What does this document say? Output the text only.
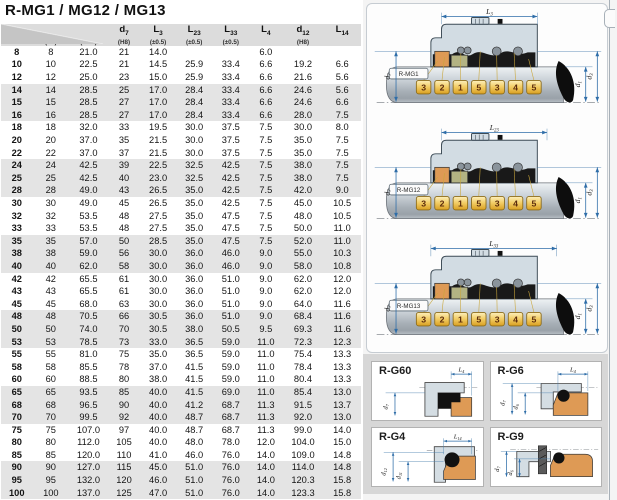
R-MG1 / MG12 / MG13

$d_7$
(H8)

$L_3$
(±0.5)

$L_{23}$
(±0.5)

$L_{33}$
(±0.5)

$L_4$	$d_{12}$
(H8)

$L_{14}$

8	8	21.0	21	14.0			6.0		
10	10	22.5	21	14.5	25.9	33.4	6.6	19.2	6.6
12	12	25.0	23	15.0	25.9	33.4	6.6	21.6	5.6
14	14	28.5	25	17.0	28.4	33.4	6.6	24.6	5.6
15	15	28.5	27	17.0	28.4	33.4	6.6	24.6	6.6
16	16	28.5	27	17.0	28.4	33.4	6.6	28.0	7.5
18	18	32.0	33	19.5	30.0	37.5	7.5	30.0	8.0
20	20	37.0	35	21.5	30.0	37.5	7.5	35.0	7.5
22	22	37.0	37	21.5	30.0	37.5	7.5	35.0	7.5
24	24	42.5	39	22.5	32.5	42.5	7.5	38.0	7.5
25	25	42.5	40	23.0	32.5	42.5	7.5	38.0	7.5
28	28	49.0	43	26.5	35.0	42.5	7.5	42.0	9.0
30	30	49.0	45	26.5	35.0	42.5	7.5	45.0	10.5
32	32	53.5	48	27.5	35.0	47.5	7.5	48.0	10.5
33	33	53.5	48	27.5	35.0	47.5	7.5	50.0	11.0
35	35	57.0	50	28.5	35.0	47.5	7.5	52.0	11.0
38	38	59.0	56	30.0	36.0	46.0	9.0	55.0	10.3
40	40	62.0	58	30.0	36.0	46.0	9.0	58.0	10.8
42	42	65.5	61	30.0	36.0	51.0	9.0	62.0	12.0
43	43	65.5	61	30.0	36.0	51.0	9.0	62.0	12.0
45	45	68.0	63	30.0	36.0	51.0	9.0	64.0	11.6
48	48	70.5	66	30.5	36.0	51.0	9.0	68.4	11.6
50	50	74.0	70	30.5	38.0	50.5	9.5	69.3	11.6
53	53	78.5	73	33.0	36.5	59.0	11.0	72.3	12.3
55	55	81.0	75	35.0	36.5	59.0	11.0	75.4	13.3
58	58	85.5	78	37.0	41.5	59.0	11.0	78.4	13.3
60	60	88.5	80	38.0	41.5	59.0	11.0	80.4	13.3
65	65	93.5	85	40.0	41.5	69.0	11.0	85.4	13.0
68	68	96.5	90	40.0	41.2	68.7	11.3	91.5	13.7
70	70	99.5	92	40.0	48.7	68.7	11.3	92.0	13.0
75	75	107.0	97	40.0	48.7	68.7	11.3	99.0	14.0
80	80	112.0	105	40.0	48.0	78.0	12.0	104.0	15.0
85	85	120.0	110	41.0	46.0	76.0	14.0	109.0	14.8
90	90	127.0	115	45.0	51.0	76.0	14.0	114.0	14.8
95	95	132.0	120	46.0	51.0	76.0	14.0	120.3	15.8
100	100	137.0	125	47.0	51.0	76.0	14.0	123.3	15.8
R-MG1
$L_3$
$d_7$
$d_1$
$d_3$
R-MG12
$L_{23}$
$d_7$
$d_1$
$d_3$
R-MG13
$L_{33}$
$d_7$
$d_1$
$d_3$
$d_7$
$L_4$
R-G60
$d_7$
$d_6$
$L_4$
R-G6
$d_{12}$
$d_{11}$
$L_{14}$
R-G4
$d_7$
$d_6$
R-G9
